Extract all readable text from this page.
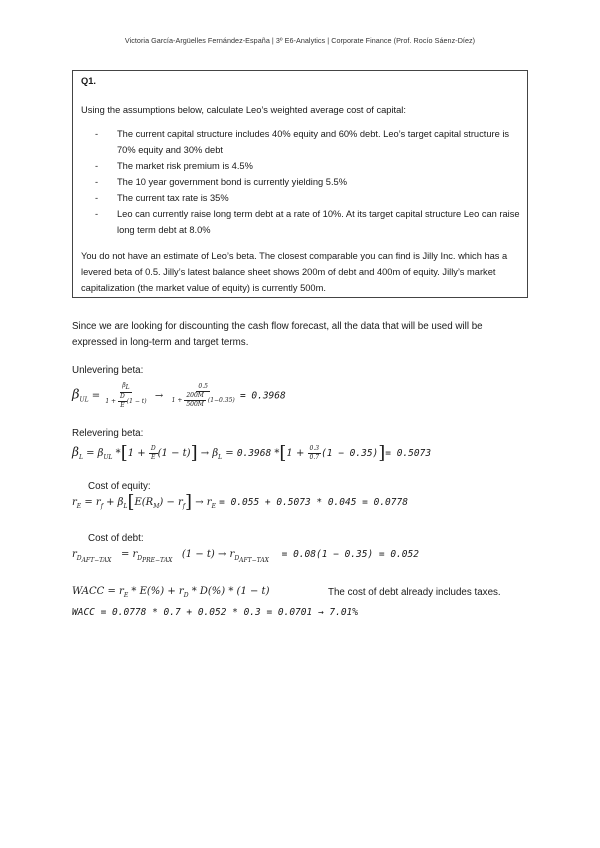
Victoria García-Argüelles Fernández-España | 3º E6-Analytics | Corporate Finance (Prof. Rocío Sáenz-Díez)
Q1.
Using the assumptions below, calculate Leo’s weighted average cost of capital:
- The current capital structure includes 40% equity and 60% debt. Leo’s target capital structure is 70% equity and 30% debt
- The market risk premium is 4.5%
- The 10 year government bond is currently yielding 5.5%
- The current tax rate is 35%
- Leo can currently raise long term debt at a rate of 10%. At its target capital structure Leo can raise long term debt at 8.0%
You do not have an estimate of Leo’s beta. The closest comparable you can find is Jilly Inc. which has a levered beta of 0.5. Jilly’s latest balance sheet shows 200m of debt and 400m of equity. Jilly’s market capitalization (the market value of equity) is currently 500m.
Since we are looking for discounting the cash flow forecast, all the data that will be used will be expressed in long-term and target terms.
Unlevering beta:
$\beta_{UL} = \frac{\beta_L}{1 + \frac{D}{E} (1 - t)} \to \frac{0.5}{1 + \frac{200M}{500M} (1-0.35)} = 0.3968$
Relevering beta:
$\beta_L = \beta_{UL}$ $*[1 + \frac{D}{E} (1 - t)] \to \beta_L = 0.3968$ $*[1 + \frac{0.3}{0.7} (1 - 0.35)]= 0.5073$
Cost of equity:
$r_E = r_f + \beta_L[E(R_M) - r_f] \to r_E = 0.055 + 0.5073 * 0.045 = 0.0778$
Cost of debt:
$r_{D_{AFT-TAX}} = r_{D_{PRE-TAX}}$   $(1 - t) \to r_{D_{AFT-TAX}}$    = 0.08(1 − 0.35) = 0.052
WACC = $r_E * E(\%) + r_D * D(\%) * (1 - t)$	The cost of debt already includes taxes.
WACC = 0.0778 * 0.7 + 0.052 * 0.3 = 0.0701 → 7.01%
